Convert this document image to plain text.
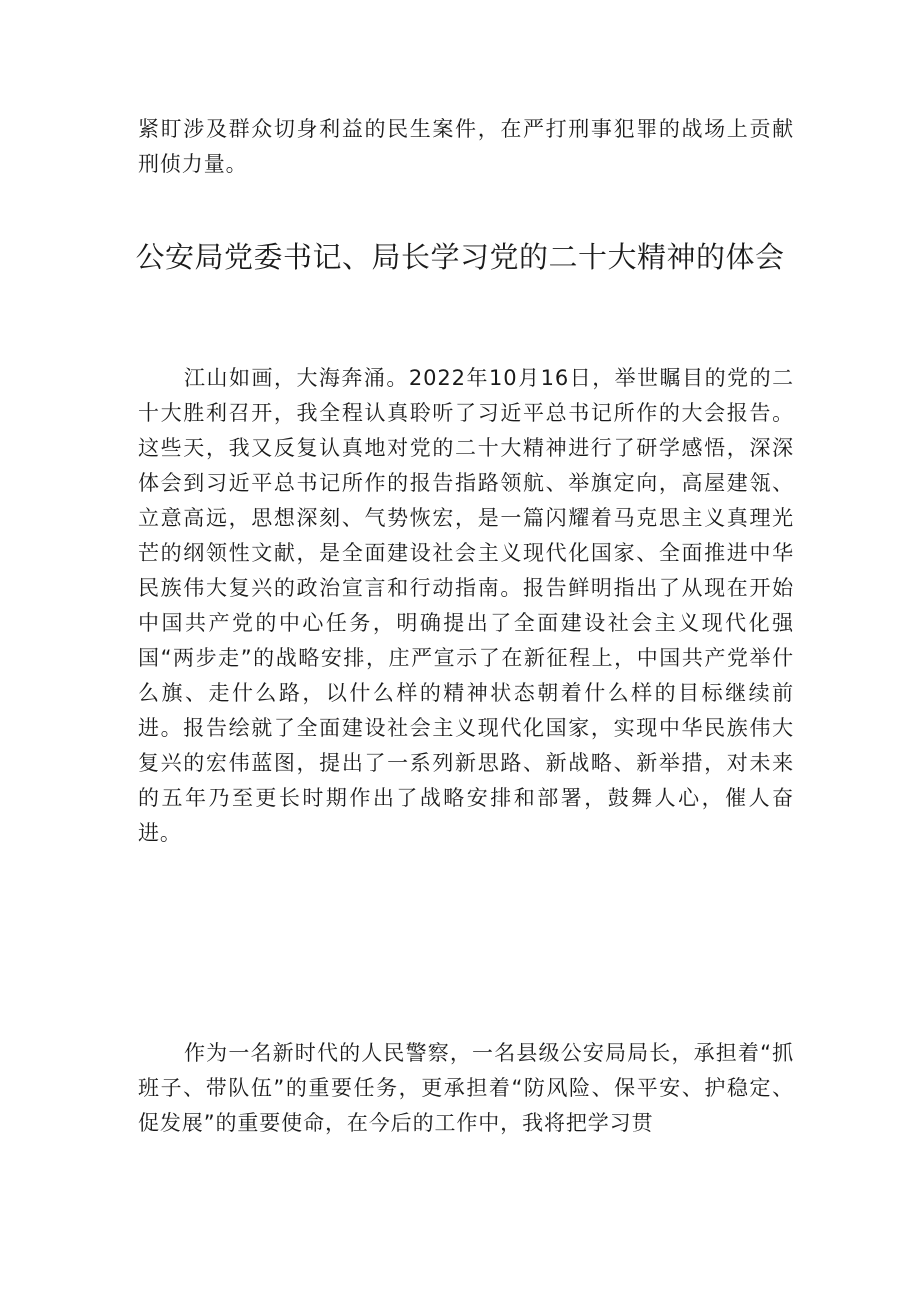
紧盯涉及群众切身利益的民生案件，在严打刑事犯罪的战场上贡献刑侦力量。

公安局党委书记、局长学习党的二十大精神的体会

江山如画，大海奔涌。2022年10月16日，举世瞩目的党的二十大胜利召开，我全程认真聆听了习近平总书记所作的大会报告。这些天，我又反复认真地对党的二十大精神进行了研学感悟，深深体会到习近平总书记所作的报告指路领航、举旗定向，高屋建瓴、立意高远，思想深刻、气势恢宏，是一篇闪耀着马克思主义真理光芒的纲领性文献，是全面建设社会主义现代化国家、全面推进中华民族伟大复兴的政治宣言和行动指南。报告鲜明指出了从现在开始中国共产党的中心任务，明确提出了全面建设社会主义现代化强国“两步走”的战略安排，庄严宣示了在新征程上，中国共产党举什么旗、走什么路，以什么样的精神状态朝着什么样的目标继续前进。报告绘就了全面建设社会主义现代化国家，实现中华民族伟大复兴的宏伟蓝图，提出了一系列新思路、新战略、新举措，对未来的五年乃至更长时期作出了战略安排和部署，鼓舞人心，催人奋进。

作为一名新时代的人民警察，一名县级公安局局长，承担着“抓班子、带队伍”的重要任务，更承担着“防风险、保平安、护稳定、促发展”的重要使命，在今后的工作中，我将把学习贯
